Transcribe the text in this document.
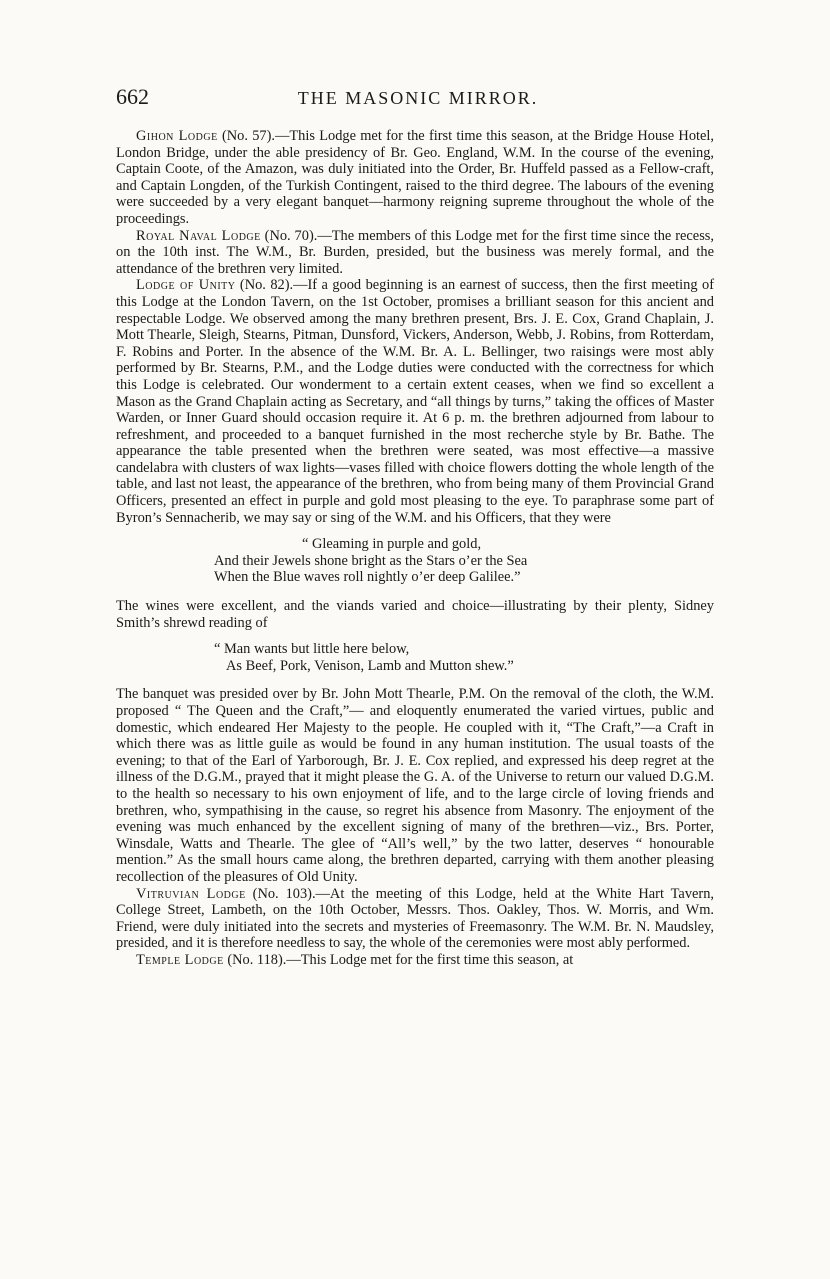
662	THE MASONIC MIRROR.

Gihon Lodge (No. 57).—This Lodge met for the first time this season, at the Bridge House Hotel, London Bridge, under the able presidency of Br. Geo. England, W.M. In the course of the evening, Captain Coote, of the Amazon, was duly initiated into the Order, Br. Huffeld passed as a Fellow-craft, and Captain Longden, of the Turkish Contingent, raised to the third degree. The labours of the evening were succeeded by a very elegant banquet—harmony reigning supreme throughout the whole of the proceedings.

Royal Naval Lodge (No. 70).—The members of this Lodge met for the first time since the recess, on the 10th inst. The W.M., Br. Burden, presided, but the business was merely formal, and the attendance of the brethren very limited.

Lodge of Unity (No. 82).—If a good beginning is an earnest of success, then the first meeting of this Lodge at the London Tavern, on the 1st October, promises a brilliant season for this ancient and respectable Lodge. We observed among the many brethren present, Brs. J. E. Cox, Grand Chaplain, J. Mott Thearle, Sleigh, Stearns, Pitman, Dunsford, Vickers, Anderson, Webb, J. Robins, from Rotterdam, F. Robins and Porter. In the absence of the W.M. Br. A. L. Bellinger, two raisings were most ably performed by Br. Stearns, P.M., and the Lodge duties were conducted with the correctness for which this Lodge is celebrated. Our wonderment to a certain extent ceases, when we find so excellent a Mason as the Grand Chaplain acting as Secretary, and “all things by turns,” taking the offices of Master Warden, or Inner Guard should occasion require it. At 6 p. m. the brethren adjourned from labour to refreshment, and proceeded to a banquet furnished in the most recherche style by Br. Bathe. The appearance the table presented when the brethren were seated, was most effective—a massive candelabra with clusters of wax lights—vases filled with choice flowers dotting the whole length of the table, and last not least, the appearance of the brethren, who from being many of them Provincial Grand Officers, presented an effect in purple and gold most pleasing to the eye. To paraphrase some part of Byron’s Sennacherib, we may say or sing of the W.M. and his Officers, that they were

“ Gleaming in purple and gold,
And their Jewels shone bright as the Stars o’er the Sea
When the Blue waves roll nightly o’er deep Galilee.”

The wines were excellent, and the viands varied and choice—illustrating by their plenty, Sidney Smith’s shrewd reading of

“ Man wants but little here below,
As Beef, Pork, Venison, Lamb and Mutton shew.”

The banquet was presided over by Br. John Mott Thearle, P.M. On the removal of the cloth, the W.M. proposed “ The Queen and the Craft,”— and eloquently enumerated the varied virtues, public and domestic, which endeared Her Majesty to the people. He coupled with it, “The Craft,”—a Craft in which there was as little guile as would be found in any human institution. The usual toasts of the evening; to that of the Earl of Yarborough, Br. J. E. Cox replied, and expressed his deep regret at the illness of the D.G.M., prayed that it might please the G. A. of the Universe to return our valued D.G.M. to the health so necessary to his own enjoyment of life, and to the large circle of loving friends and brethren, who, sympathising in the cause, so regret his absence from Masonry. The enjoyment of the evening was much enhanced by the excellent signing of many of the brethren—viz., Brs. Porter, Winsdale, Watts and Thearle. The glee of “All’s well,” by the two latter, deserves “ honourable mention.” As the small hours came along, the brethren departed, carrying with them another pleasing recollection of the pleasures of Old Unity.

Vitruvian Lodge (No. 103).—At the meeting of this Lodge, held at the White Hart Tavern, College Street, Lambeth, on the 10th October, Messrs. Thos. Oakley, Thos. W. Morris, and Wm. Friend, were duly initiated into the secrets and mysteries of Freemasonry. The W.M. Br. N. Maudsley, presided, and it is therefore needless to say, the whole of the ceremonies were most ably performed.

Temple Lodge (No. 118).—This Lodge met for the first time this season, at
